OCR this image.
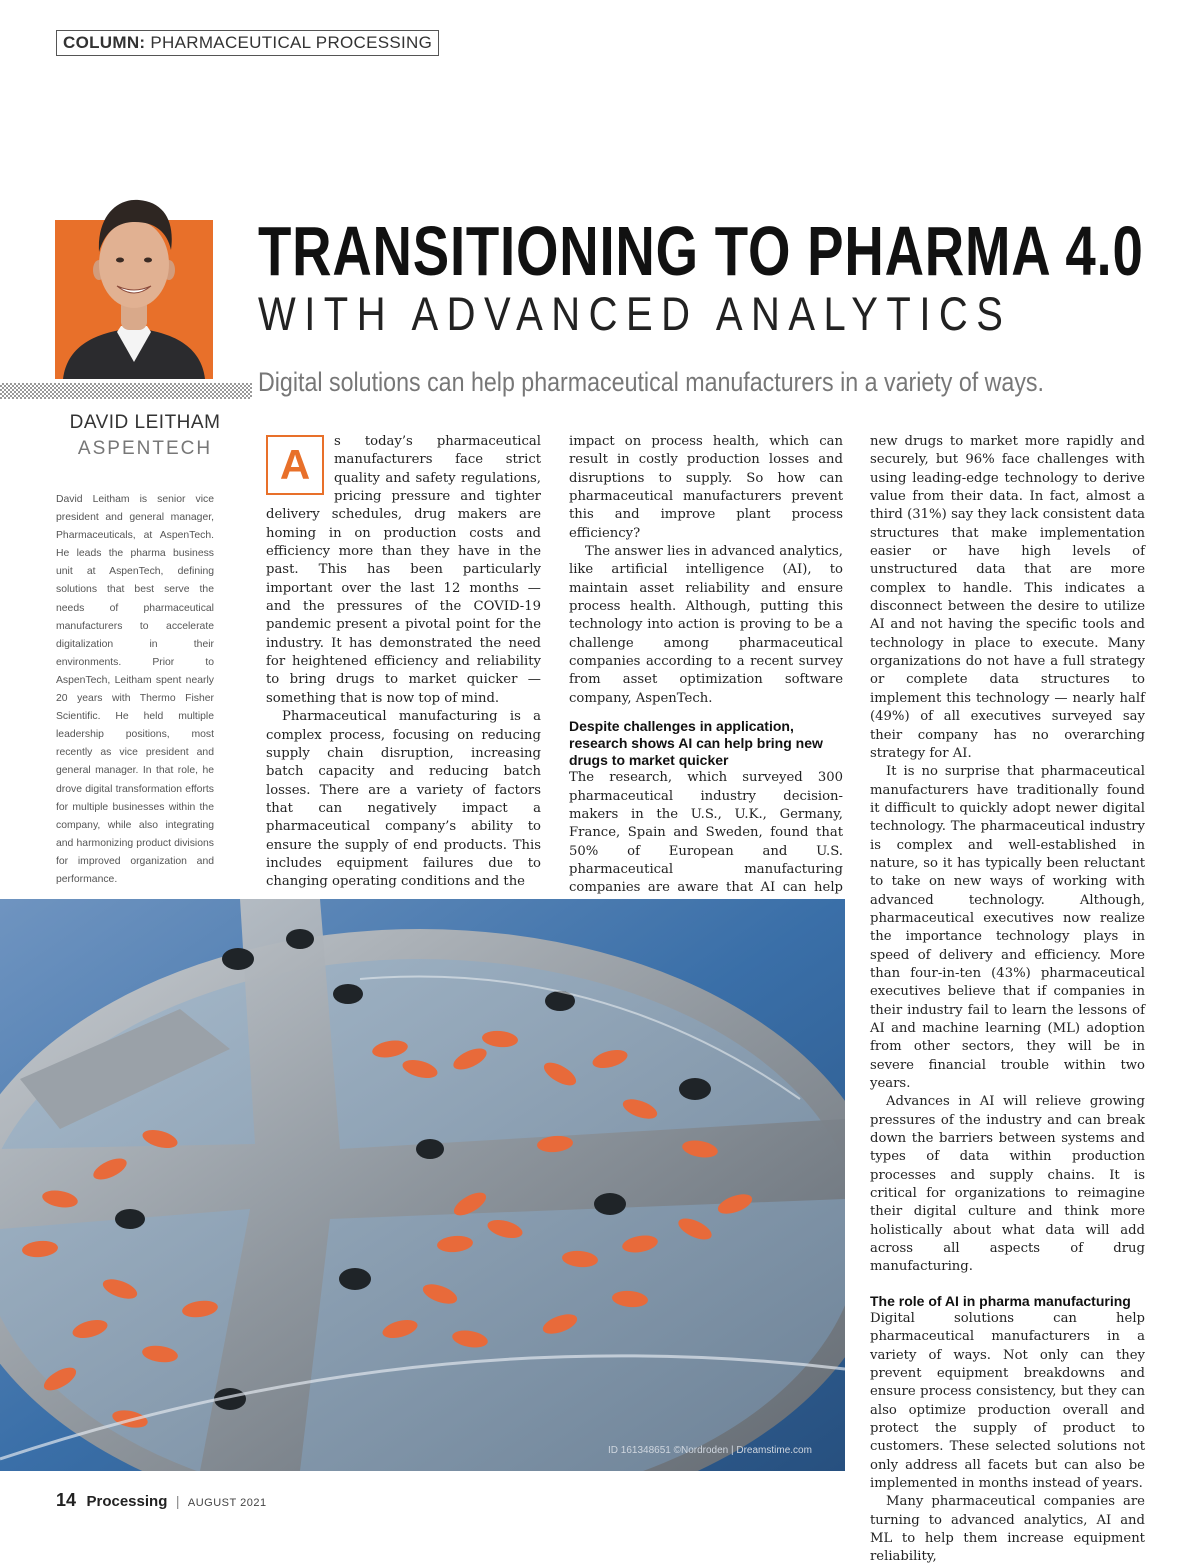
COLUMN: PHARMACEUTICAL PROCESSING
DAVID LEITHAM
ASPENTECH
David Leitham is senior vice president and general manager, Pharmaceuticals, at AspenTech. He leads the pharma business unit at AspenTech, defining solutions that best serve the needs of pharmaceutical manufacturers to accelerate digitalization in their environments. Prior to AspenTech, Leitham spent nearly 20 years with Thermo Fisher Scientific. He held multiple leadership positions, most recently as vice president and general manager. In that role, he drove digital transformation efforts for multiple businesses within the company, while also integrating and harmonizing product divisions for improved organization and performance.
TRANSITIONING TO PHARMA 4.0
WITH ADVANCED ANALYTICS
Digital solutions can help pharmaceutical manufacturers in a variety of ways.
A	s today’s pharmaceutical manufacturers face strict quality and safety regulations, pricing pressure and tighter delivery schedules, drug makers are homing in on production costs and efficiency more than they have in the past. This has been particularly important over the last 12 months — and the pressures of the COVID-19 pandemic present a pivotal point for the industry. It has demonstrated the need for heightened efficiency and reliability to bring drugs to market quicker — something that is now top of mind.

Pharmaceutical manufacturing is a complex process, focusing on reducing supply chain disruption, increasing batch capacity and reducing batch losses. There are a variety of factors that can negatively impact a pharmaceutical company’s ability to ensure the supply of end products. This includes equipment failures due to changing operating conditions and the

impact on process health, which can result in costly production losses and disruptions to supply. So how can pharmaceutical manufacturers prevent this and improve plant process efficiency?

The answer lies in advanced analytics, like artificial intelligence (AI), to maintain asset reliability and ensure process health. Although, putting this technology into action is proving to be a challenge among pharmaceutical companies according to a recent survey from asset optimization software company, AspenTech.

Despite challenges in application, research shows AI can help bring new drugs to market quicker

The research, which surveyed 300 pharmaceutical industry decision-makers in the U.S., U.K., Germany, France, Spain and Sweden, found that 50% of European and U.S. pharmaceutical manufacturing companies are aware that AI can help

new drugs to market more rapidly and securely, but 96% face challenges with using leading-edge technology to derive value from their data. In fact, almost a third (31%) say they lack consistent data structures that make implementation easier or have high levels of unstructured data that are more complex to handle. This indicates a disconnect between the desire to utilize AI and not having the specific tools and technology in place to execute. Many organizations do not have a full strategy or complete data structures to implement this technology — nearly half (49%) of all executives surveyed say their company has no overarching strategy for AI.

It is no surprise that pharmaceutical manufacturers have traditionally found it difficult to quickly adopt newer digital technology. The pharmaceutical industry is complex and well-established in nature, so it has typically been reluctant to take on new ways of working with advanced technology. Although, pharmaceutical executives now realize the importance technology plays in speed of delivery and efficiency. More than four-in-ten (43%) pharmaceutical executives believe that if companies in their industry fail to learn the lessons of AI and machine learning (ML) adoption from other sectors, they will be in severe financial trouble within two years.

Advances in AI will relieve growing pressures of the industry and can break down the barriers between systems and types of data within production processes and supply chains. It is critical for organizations to reimagine their digital culture and think more holistically about what data will add across all aspects of drug manufacturing.

The role of AI in pharma manufacturing

Digital solutions can help pharmaceutical manufacturers in a variety of ways. Not only can they prevent equipment breakdowns and ensure process consistency, but they can also optimize production overall and protect the supply of product to customers. These selected solutions not only address all facets but can also be implemented in months instead of years.

Many pharmaceutical companies are turning to advanced analytics, AI and ML to help them increase equipment reliability,

ID 161348651 ©Nordroden | Dreamstime.com
14 Processing | AUGUST 2021
